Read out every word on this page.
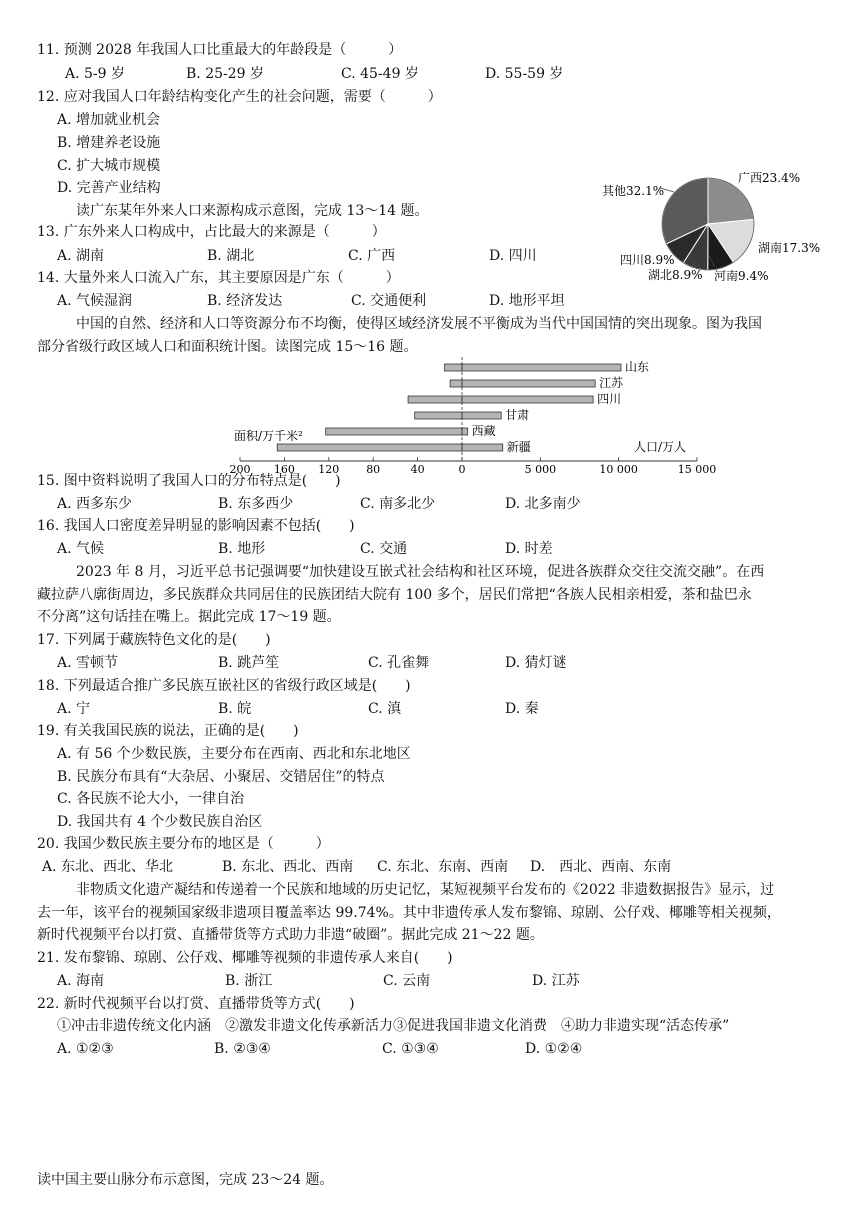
11. 预测 2028 年我国人口比重最大的年龄段是（　　　）
A. 5-9 岁	B. 25-29 岁	C. 45-49 岁	D. 55-59 岁
12. 应对我国人口年龄结构变化产生的社会问题，需要（　　　）
A. 增加就业机会
B. 增建养老设施
C. 扩大城市规模
D. 完善产业结构
读广东某年外来人口来源构成示意图，完成 13～14 题。
13. 广东外来人口构成中，占比最大的来源是（　　　）
A. 湖南	B. 湖北	C. 广西	D. 四川
14. 大量外来人口流入广东，其主要原因是广东（　　　）
A. 气候湿润	B. 经济发达	C. 交通便利	D. 地形平坦
广西23.4%
湖南17.3%
河南9.4%
湖北8.9%
四川8.9%
其他32.1%
中国的自然、经济和人口等资源分布不均衡，使得区域经济发展不平衡成为当代中国国情的突出现象。图为我国
部分省级行政区域人口和面积统计图。读图完成 15～16 题。
山东
江苏
四川
甘肃
西藏
新疆
200 160 120 80	40	0	5 000	10 000	15 000
面积/万千米²
人口/万人
15. 图中资料说明了我国人口的分布特点是(　　)
A. 西多东少	B. 东多西少	C. 南多北少	D. 北多南少
16. 我国人口密度差异明显的影响因素不包括(　　)
A. 气候	B. 地形	C. 交通	D. 时差
2023 年 8 月，习近平总书记强调要“加快建设互嵌式社会结构和社区环境，促进各族群众交往交流交融”。在西
藏拉萨八廓街周边，多民族群众共同居住的民族团结大院有 100 多个，居民们常把“各族人民相亲相爱，茶和盐巴永
不分离”这句话挂在嘴上。据此完成 17～19 题。
17. 下列属于藏族特色文化的是(　　)
A. 雪顿节	B. 跳芦笙	C. 孔雀舞	D. 猜灯谜
18. 下列最适合推广多民族互嵌社区的省级行政区域是(　　)
A. 宁	B. 皖	C. 滇	D. 秦
19. 有关我国民族的说法，正确的是(　　)
A. 有 56 个少数民族，主要分布在西南、西北和东北地区
B. 民族分布具有“大杂居、小聚居、交错居住”的特点
C. 各民族不论大小，一律自治
D. 我国共有 4 个少数民族自治区
20. 我国少数民族主要分布的地区是（　　　）
A. 东北、西北、华北	B. 东北、西北、西南 C. 东北、东南、西南 D.　西北、西南、东南
非物质文化遗产凝结和传递着一个民族和地域的历史记忆，某短视频平台发布的《2022 非遗数据报告》显示，过
去一年，该平台的视频国家级非遗项目覆盖率达 99.74%。其中非遗传承人发布黎锦、琼剧、公仔戏、椰雕等相关视频，
新时代视频平台以打赏、直播带货等方式助力非遗“破圈”。据此完成 21～22 题。
21. 发布黎锦、琼剧、公仔戏、椰雕等视频的非遗传承人来自(　　)
A. 海南	B. 浙江	C. 云南	D. 江苏
22. 新时代视频平台以打赏、直播带货等方式(　　)
①冲击非遗传统文化内涵　②激发非遗文化传承新活力③促进我国非遗文化消费　④助力非遗实现“活态传承”
A. ①②③	B. ②③④	C. ①③④	D. ①②④
读中国主要山脉分布示意图，完成 23～24 题。
